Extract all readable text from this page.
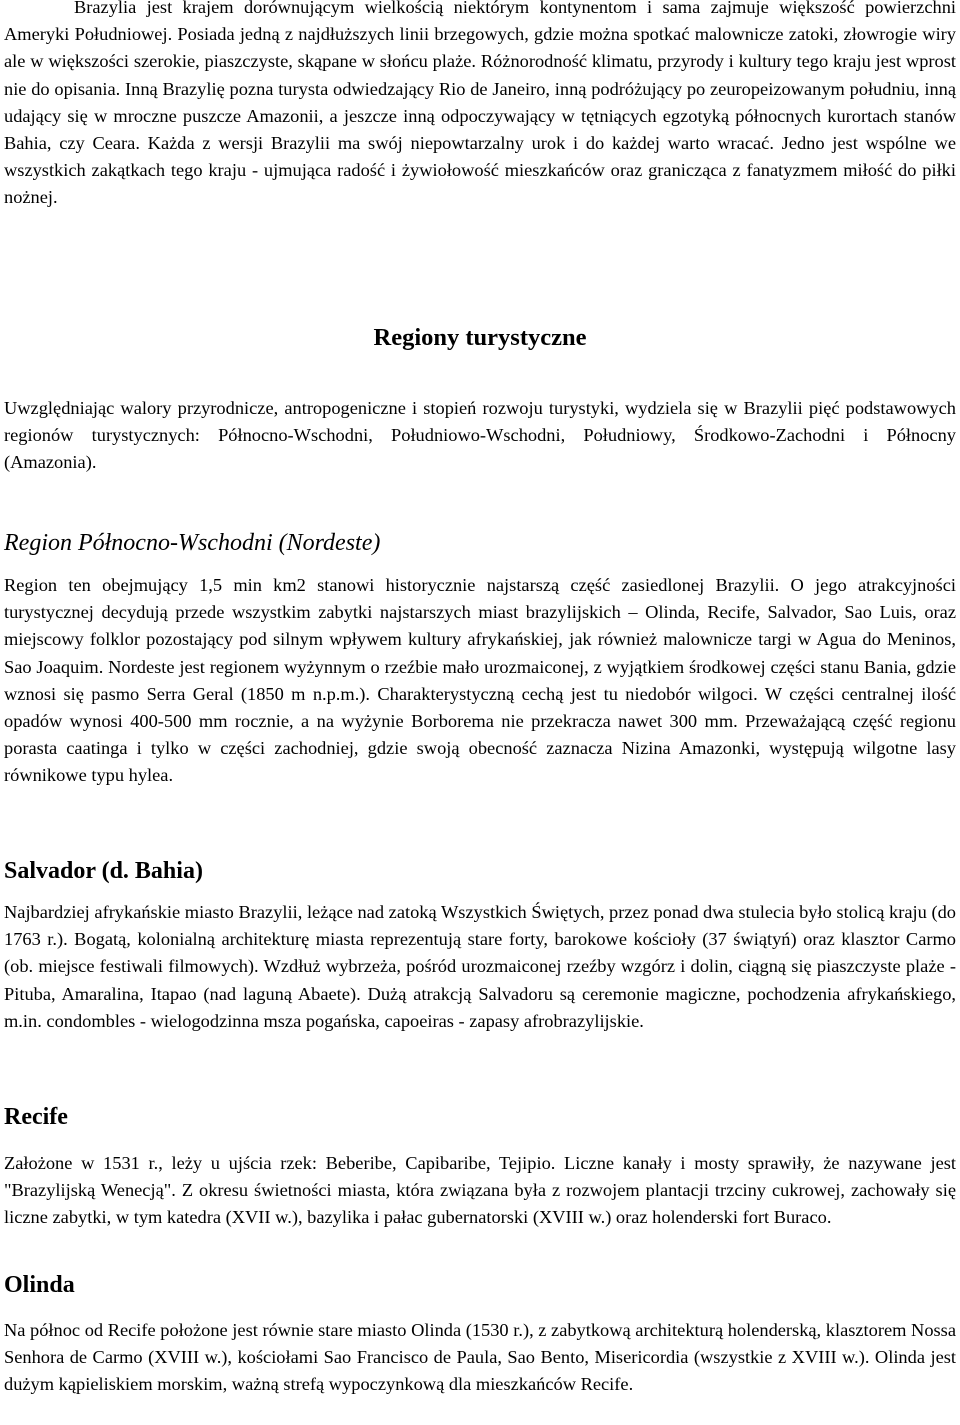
Brazylia jest krajem dorównującym wielkością niektórym kontynentom i sama zajmuje większość powierzchni Ameryki Południowej. Posiada jedną z najdłuższych linii brzegowych, gdzie można spotkać malownicze zatoki, złowrogie wiry ale w większości szerokie, piaszczyste, skąpane w słońcu plaże. Różnorodność klimatu, przyrody i kultury tego kraju jest wprost nie do opisania. Inną Brazylię pozna turysta odwiedzający Rio de Janeiro, inną podróżujący po zeuropeizowanym południu, inną udający się w mroczne puszcze Amazonii, a jeszcze inną odpoczywający w tętniących egzotyką północnych kurortach stanów Bahia, czy Ceara. Każda z wersji Brazylii ma swój niepowtarzalny urok i do każdej warto wracać. Jedno jest wspólne we wszystkich zakątkach tego kraju - ujmująca radość i żywiołowość mieszkańców oraz granicząca z fanatyzmem miłość do piłki nożnej.

Regiony turystyczne

Uwzględniając walory przyrodnicze, antropogeniczne i stopień rozwoju turystyki, wydziela się w Brazylii pięć podstawowych regionów turystycznych: Północno-Wschodni, Południowo-Wschodni, Południowy, Środkowo-Zachodni i Północny (Amazonia).

Region Północno-Wschodni (Nordeste)

Region ten obejmujący 1,5 min km2 stanowi historycznie najstarszą część zasiedlonej Brazylii. O jego atrakcyjności turystycznej decydują przede wszystkim zabytki najstarszych miast brazylijskich – Olinda, Recife, Salvador, Sao Luis, oraz miejscowy folklor pozostający pod silnym wpływem kultury afrykańskiej, jak również malownicze targi w Agua do Meninos, Sao Joaquim. Nordeste jest regionem wyżynnym o rzeźbie mało urozmaiconej, z wyjątkiem środkowej części stanu Bania, gdzie wznosi się pasmo Serra Geral (1850 m n.p.m.). Charakterystyczną cechą jest tu niedobór wilgoci. W części centralnej ilość opadów wynosi 400-500 mm rocznie, a na wyżynie Borborema nie przekracza nawet 300 mm. Przeważającą część regionu porasta caatinga i tylko w części zachodniej, gdzie swoją obecność zaznacza Nizina Amazonki, występują wilgotne lasy równikowe typu hylea.

Salvador (d. Bahia)

Najbardziej afrykańskie miasto Brazylii, leżące nad zatoką Wszystkich Świętych, przez ponad dwa stulecia było stolicą kraju (do 1763 r.). Bogatą, kolonialną architekturę miasta reprezentują stare forty, barokowe kościoły (37 świątyń) oraz klasztor Carmo (ob. miejsce festiwali filmowych). Wzdłuż wybrzeża, pośród urozmaiconej rzeźby wzgórz i dolin, ciągną się piaszczyste plaże - Pituba, Amaralina, Itapao (nad laguną Abaete). Dużą atrakcją Salvadoru są ceremonie magiczne, pochodzenia afrykańskiego, m.in. condombles - wielogodzinna msza pogańska, capoeiras - zapasy afrobrazylijskie.

Recife

Założone w 1531 r., leży u ujścia rzek: Beberibe, Capibaribe, Tejipio. Liczne kanały i mosty sprawiły, że nazywane jest "Brazylijską Wenecją". Z okresu świetności miasta, która związana była z rozwojem plantacji trzciny cukrowej, zachowały się liczne zabytki, w tym katedra (XVII w.), bazylika i pałac gubernatorski (XVIII w.) oraz holenderski fort Buraco.

Olinda

Na północ od Recife położone jest równie stare miasto Olinda (1530 r.), z zabytkową architekturą holenderską, klasztorem Nossa Senhora de Carmo (XVIII w.), kościołami Sao Francisco de Paula, Sao Bento, Misericordia (wszystkie z XVIII w.). Olinda jest dużym kąpieliskiem morskim, ważną strefą wypoczynkową dla mieszkańców Recife.
